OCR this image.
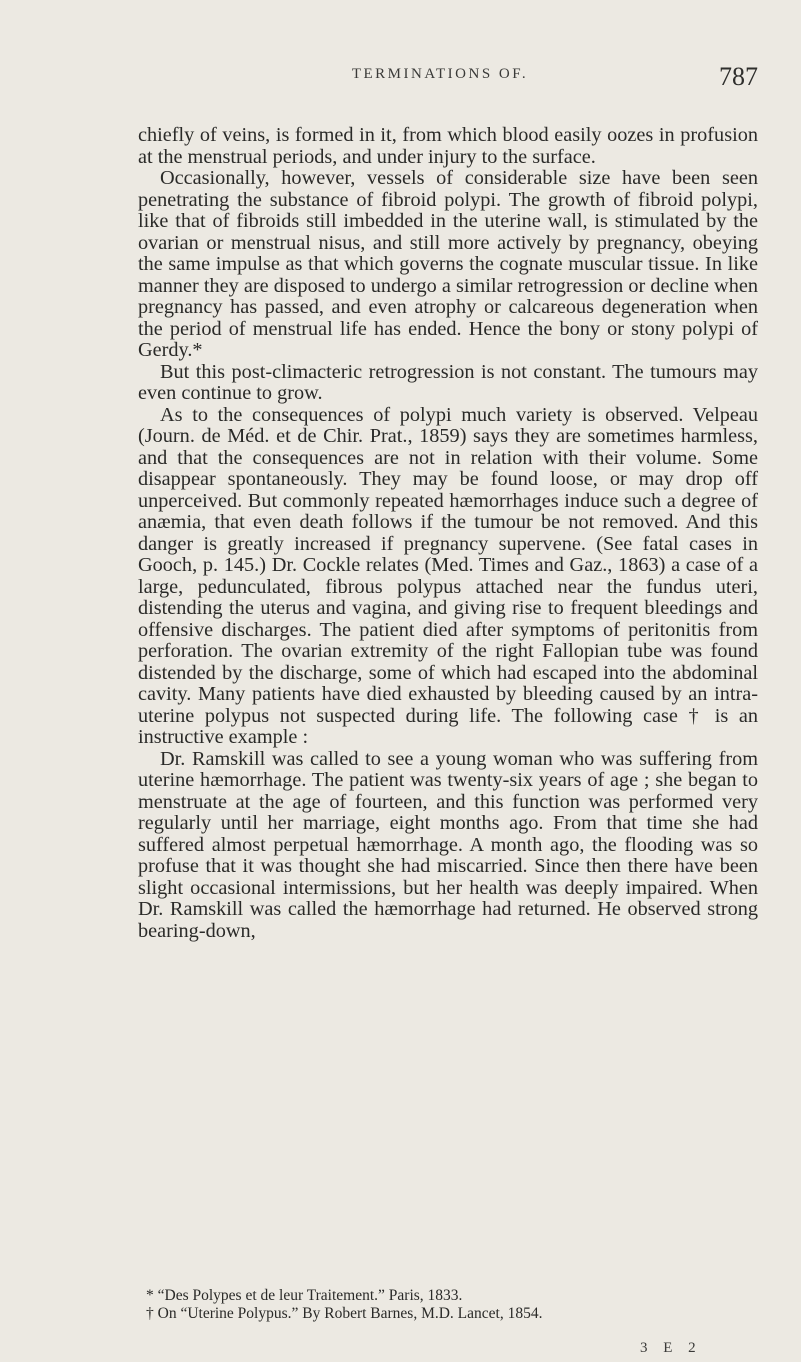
TERMINATIONS OF.	787

chiefly of veins, is formed in it, from which blood easily oozes in profusion at the menstrual periods, and under injury to the surface.

Occasionally, however, vessels of considerable size have been seen penetrating the substance of fibroid polypi. The growth of fibroid polypi, like that of fibroids still imbedded in the uterine wall, is stimulated by the ovarian or menstrual nisus, and still more actively by pregnancy, obeying the same impulse as that which governs the cognate muscular tissue. In like manner they are disposed to undergo a similar retrogression or decline when pregnancy has passed, and even atrophy or calcareous degeneration when the period of menstrual life has ended. Hence the bony or stony polypi of Gerdy.*

But this post-climacteric retrogression is not constant. The tumours may even continue to grow.

As to the consequences of polypi much variety is observed. Velpeau (Journ. de Méd. et de Chir. Prat., 1859) says they are sometimes harmless, and that the consequences are not in relation with their volume. Some disappear spontaneously. They may be found loose, or may drop off unperceived. But commonly repeated hæmorrhages induce such a degree of anæmia, that even death follows if the tumour be not removed. And this danger is greatly increased if pregnancy supervene. (See fatal cases in Gooch, p. 145.) Dr. Cockle relates (Med. Times and Gaz., 1863) a case of a large, pedunculated, fibrous polypus attached near the fundus uteri, distending the uterus and vagina, and giving rise to frequent bleedings and offensive discharges. The patient died after symptoms of peritonitis from perforation. The ovarian extremity of the right Fallopian tube was found distended by the discharge, some of which had escaped into the abdominal cavity. Many patients have died exhausted by bleeding caused by an intra-uterine polypus not suspected during life. The following case † is an instructive example :

Dr. Ramskill was called to see a young woman who was suffering from uterine hæmorrhage. The patient was twenty-six years of age ; she began to menstruate at the age of fourteen, and this function was performed very regularly until her marriage, eight months ago. From that time she had suffered almost perpetual hæmorrhage. A month ago, the flooding was so profuse that it was thought she had miscarried. Since then there have been slight occasional intermissions, but her health was deeply impaired. When Dr. Ramskill was called the hæmorrhage had returned. He observed strong bearing-down,

* “Des Polypes et de leur Traitement.” Paris, 1833.

† On “Uterine Polypus.” By Robert Barnes, M.D. Lancet, 1854.

3 E 2
